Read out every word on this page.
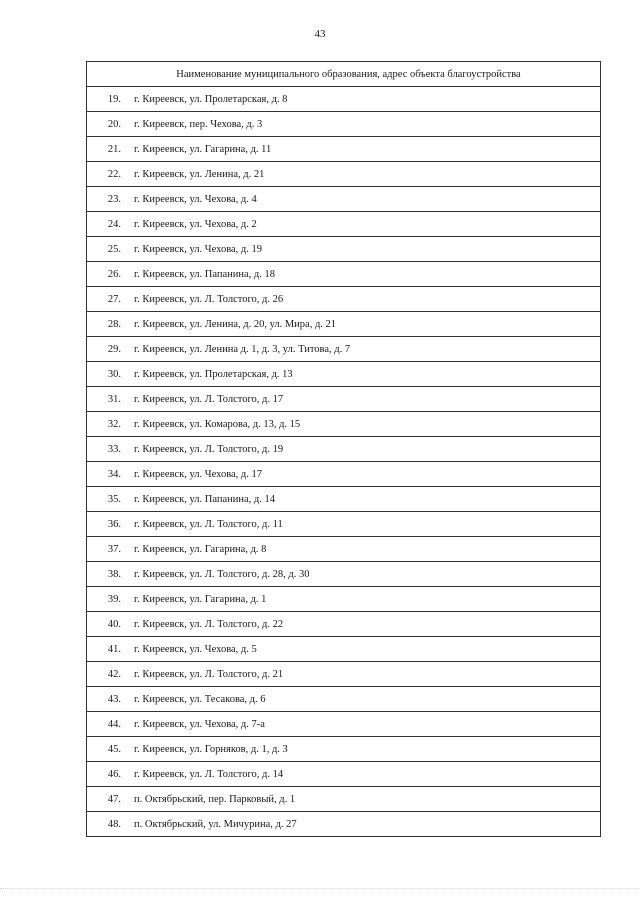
43
Наименование муниципального образования, адрес объекта благоустройства
19.	г. Киреевск, ул. Пролетарская, д. 8
20.	г. Киреевск, пер. Чехова, д. 3
21.	г. Киреевск, ул. Гагарина, д. 11
22.	г. Киреевск, ул. Ленина, д. 21
23.	г. Киреевск, ул. Чехова, д. 4
24.	г. Киреевск, ул. Чехова, д. 2
25.	г. Киреевск, ул. Чехова, д. 19
26.	г. Киреевск, ул. Папанина, д. 18
27.	г. Киреевск, ул. Л. Толстого, д. 26
28.	г. Киреевск, ул. Ленина, д. 20, ул. Мира, д. 21
29.	г. Киреевск, ул. Ленина д. 1, д. 3, ул. Титова, д. 7
30.	г. Киреевск, ул. Пролетарская, д. 13
31.	г. Киреевск, ул. Л. Толстого, д. 17
32.	г. Киреевск, ул. Комарова, д. 13, д. 15
33.	г. Киреевск, ул. Л. Толстого, д. 19
34.	г. Киреевск, ул. Чехова, д. 17
35.	г. Киреевск, ул. Папанина, д. 14
36.	г. Киреевск, ул. Л. Толстого, д. 11
37.	г. Киреевск, ул. Гагарина, д. 8
38.	г. Киреевск, ул. Л. Толстого, д. 28, д. 30
39.	г. Киреевск, ул. Гагарина, д. 1
40.	г. Киреевск, ул. Л. Толстого, д. 22
41.	г. Киреевск, ул. Чехова, д. 5
42.	г. Киреевск, ул. Л. Толстого, д. 21
43.	г. Киреевск, ул. Тесакова, д. 6
44.	г. Киреевск, ул. Чехова, д. 7-а
45.	г. Киреевск, ул. Горняков, д. 1, д. 3
46.	г. Киреевск, ул. Л. Толстого, д. 14
47.	п. Октябрьский, пер. Парковый, д. 1
48.	п. Октябрьский, ул. Мичурина, д. 27
